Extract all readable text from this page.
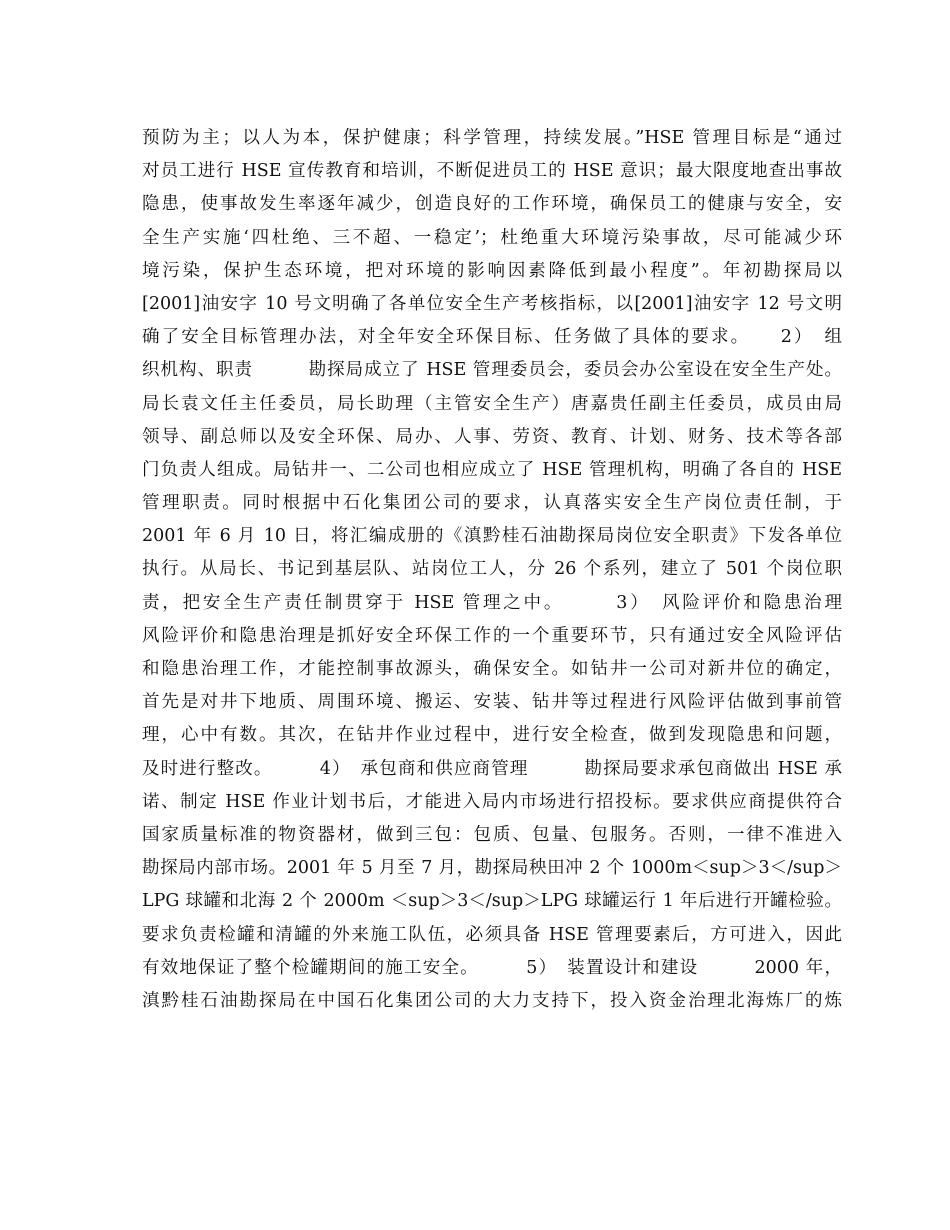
预防为主；以人为本，保护健康；科学管理，持续发展。”HSE 管理目标是“通过
对员工进行 HSE 宣传教育和培训，不断促进员工的 HSE 意识；最大限度地查出事故
隐患，使事故发生率逐年减少，创造良好的工作环境，确保员工的健康与安全，安
全生产实施‘四杜绝、三不超、一稳定’；杜绝重大环境污染事故，尽可能减少环
境污染，保护生态环境，把对环境的影响因素降低到最小程度”。年初勘探局以
[2001]油安字 10 号文明确了各单位安全生产考核指标，以[2001]油安字 12 号文明
确了安全目标管理办法，对全年安全环保目标、任务做了具体的要求。　　2）　组
织机构、职责　　　勘探局成立了 HSE 管理委员会，委员会办公室设在安全生产处。
局长袁文任主任委员，局长助理（主管安全生产）唐嘉贵任副主任委员，成员由局
领导、副总师以及安全环保、局办、人事、劳资、教育、计划、财务、技术等各部
门负责人组成。局钻井一、二公司也相应成立了 HSE 管理机构，明确了各自的 HSE
管理职责。同时根据中石化集团公司的要求，认真落实安全生产岗位责任制，于
2001 年 6 月 10 日，将汇编成册的《滇黔桂石油勘探局岗位安全职责》下发各单位
执行。从局长、书记到基层队、站岗位工人，分 26 个系列，建立了 501 个岗位职
责，把安全生产责任制贯穿于 HSE 管理之中。　　　3）　风险评价和隐患治理
风险评价和隐患治理是抓好安全环保工作的一个重要环节，只有通过安全风险评估
和隐患治理工作，才能控制事故源头，确保安全。如钻井一公司对新井位的确定，
首先是对井下地质、周围环境、搬运、安装、钻井等过程进行风险评估做到事前管
理，心中有数。其次，在钻井作业过程中，进行安全检查，做到发现隐患和问题，
及时进行整改。　　　4）　承包商和供应商管理　　　勘探局要求承包商做出 HSE 承
诺、制定 HSE 作业计划书后，才能进入局内市场进行招投标。要求供应商提供符合
国家质量标准的物资器材，做到三包：包质、包量、包服务。否则，一律不准进入
勘探局内部市场。2001 年 5 月至 7 月，勘探局秧田冲 2 个 1000m＜sup＞3＜/sup＞
LPG 球罐和北海 2 个 2000m ＜sup＞3＜/sup＞LPG 球罐运行 1 年后进行开罐检验。
要求负责检罐和清罐的外来施工队伍，必须具备 HSE 管理要素后，方可进入，因此
有效地保证了整个检罐期间的施工安全。　　　5）　装置设计和建设　　　2000 年，
滇黔桂石油勘探局在中国石化集团公司的大力支持下，投入资金治理北海炼厂的炼
